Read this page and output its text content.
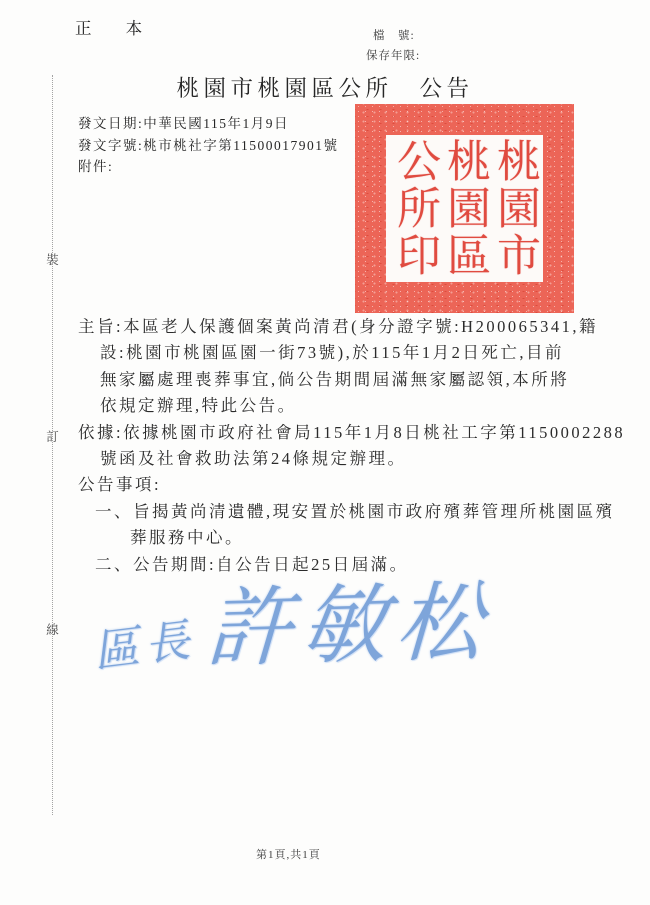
裝
訂
線
正 本	檔　號:
保存年限:
桃園市桃園區公所　公告
發文日期:中華民國115年1月9日
發文字號:桃市桃社字第11500017901號
附件:	桃園市
桃園區
公所印
主旨:本區老人保護個案黃尚清君(身分證字號:H200065341,籍
設:桃園市桃園區園一街73號),於115年1月2日死亡,目前
無家屬處理喪葬事宜,倘公告期間屆滿無家屬認領,本所將
依規定辦理,特此公告。
依據:依據桃園市政府社會局115年1月8日桃社工字第1150002288
號函及社會救助法第24條規定辦理。
公告事項:
一、旨揭黃尚清遺體,現安置於桃園市政府殯葬管理所桃園區殯
葬服務中心。
二、公告期間:自公告日起25日屆滿。
區長 許敏松
第1頁,共1頁
